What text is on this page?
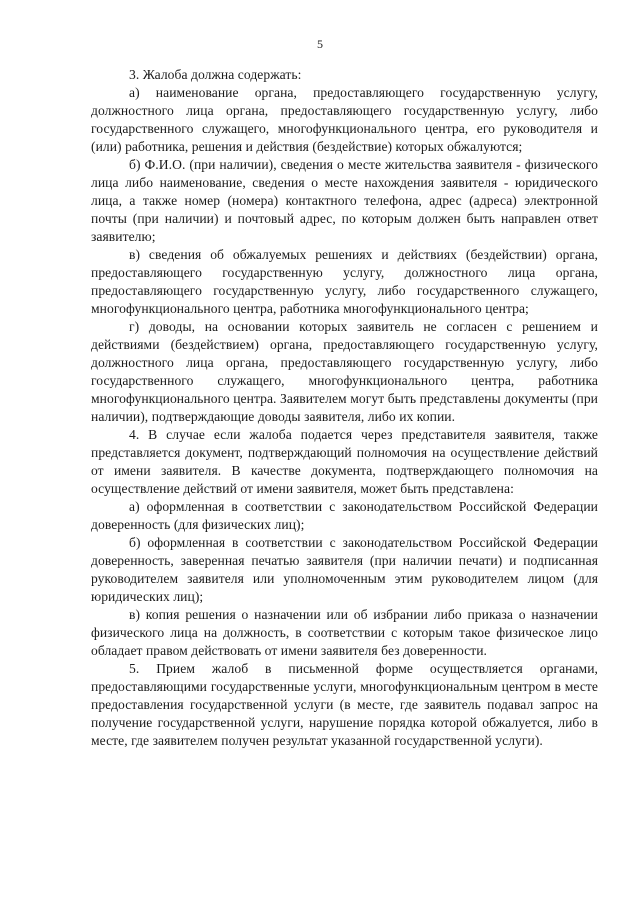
5

3. Жалоба должна содержать:

а) наименование органа, предоставляющего государственную услугу, должностного лица органа, предоставляющего государственную услугу, либо государственного служащего, многофункционального центра, его руководителя и (или) работника, решения и действия (бездействие) которых обжалуются;

б) Ф.И.О. (при наличии), сведения о месте жительства заявителя - физического лица либо наименование, сведения о месте нахождения заявителя - юридического лица, а также номер (номера) контактного телефона, адрес (адреса) электронной почты (при наличии) и почтовый адрес, по которым должен быть направлен ответ заявителю;

в) сведения об обжалуемых решениях и действиях (бездействии) органа, предоставляющего государственную услугу, должностного лица органа, предоставляющего государственную услугу, либо государственного служащего, многофункционального центра, работника многофункционального центра;

г) доводы, на основании которых заявитель не согласен с решением и действиями (бездействием) органа, предоставляющего государственную услугу, должностного лица органа, предоставляющего государственную услугу, либо государственного служащего, многофункционального центра, работника многофункционального центра. Заявителем могут быть представлены документы (при наличии), подтверждающие доводы заявителя, либо их копии.

4. В случае если жалоба подается через представителя заявителя, также представляется документ, подтверждающий полномочия на осуществление действий от имени заявителя. В качестве документа, подтверждающего полномочия на осуществление действий от имени заявителя, может быть представлена:

а) оформленная в соответствии с законодательством Российской Федерации доверенность (для физических лиц);

б) оформленная в соответствии с законодательством Российской Федерации доверенность, заверенная печатью заявителя (при наличии печати) и подписанная руководителем заявителя или уполномоченным этим руководителем лицом (для юридических лиц);

в) копия решения о назначении или об избрании либо приказа о назначении физического лица на должность, в соответствии с которым такое физическое лицо обладает правом действовать от имени заявителя без доверенности.

5. Прием жалоб в письменной форме осуществляется органами, предоставляющими государственные услуги, многофункциональным центром в месте предоставления государственной услуги (в месте, где заявитель подавал запрос на получение государственной услуги, нарушение порядка которой обжалуется, либо в месте, где заявителем получен результат указанной государственной услуги).
